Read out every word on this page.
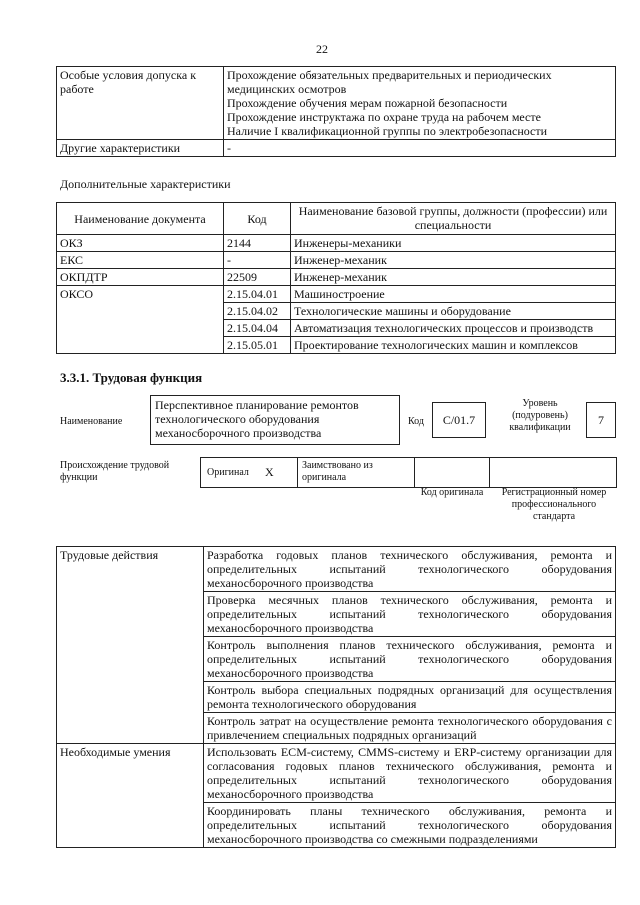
22
Особые условия допуска к работе	Прохождение обязательных предварительных и периодических медицинских осмотров
Прохождение обучения мерам пожарной безопасности
Прохождение инструктажа по охране труда на рабочем месте
Наличие I квалификационной группы по электробезопасности

Другие характеристики	-
Дополнительные характеристики
Наименование документа	Код	Наименование базовой группы, должности (профессии) или специальности
ОКЗ	2144	Инженеры-механики
ЕКС	-	Инженер-механик
ОКПДТР	22509	Инженер-механик
ОКСО	2.15.04.01	Машиностроение
	2.15.04.02	Технологические машины и оборудование
	2.15.04.04	Автоматизация технологических процессов и производств
	2.15.05.01	Проектирование технологических машин и комплексов
3.3.1. Трудовая функция
Наименование
Перспективное планирование ремонтов технологического оборудования механосборочного производства
Код	C/01.7
Уровень (подуровень) квалификации
7
Происхождение трудовой функции	Оригинал X	Заимствовано из оригинала
Код оригинала	Регистрационный номер профессионального стандарта
Трудовые действия	Разработка годовых планов технического обслуживания, ремонта и определительных испытаний технологического оборудования механосборочного производства
	Проверка месячных планов технического обслуживания, ремонта и определительных испытаний технологического оборудования механосборочного производства
	Контроль выполнения планов технического обслуживания, ремонта и определительных испытаний технологического оборудования механосборочного производства
	Контроль выбора специальных подрядных организаций для осуществления ремонта технологического оборудования
	Контроль затрат на осуществление ремонта технологического оборудования с привлечением специальных подрядных организаций
Необходимые умения	Использовать ECM-систему, CMMS-систему и ERP-систему организации для согласования годовых планов технического обслуживания, ремонта и определительных испытаний технологического оборудования механосборочного производства
	Координировать планы технического обслуживания, ремонта и определительных испытаний технологического оборудования механосборочного производства со смежными подразделениями
